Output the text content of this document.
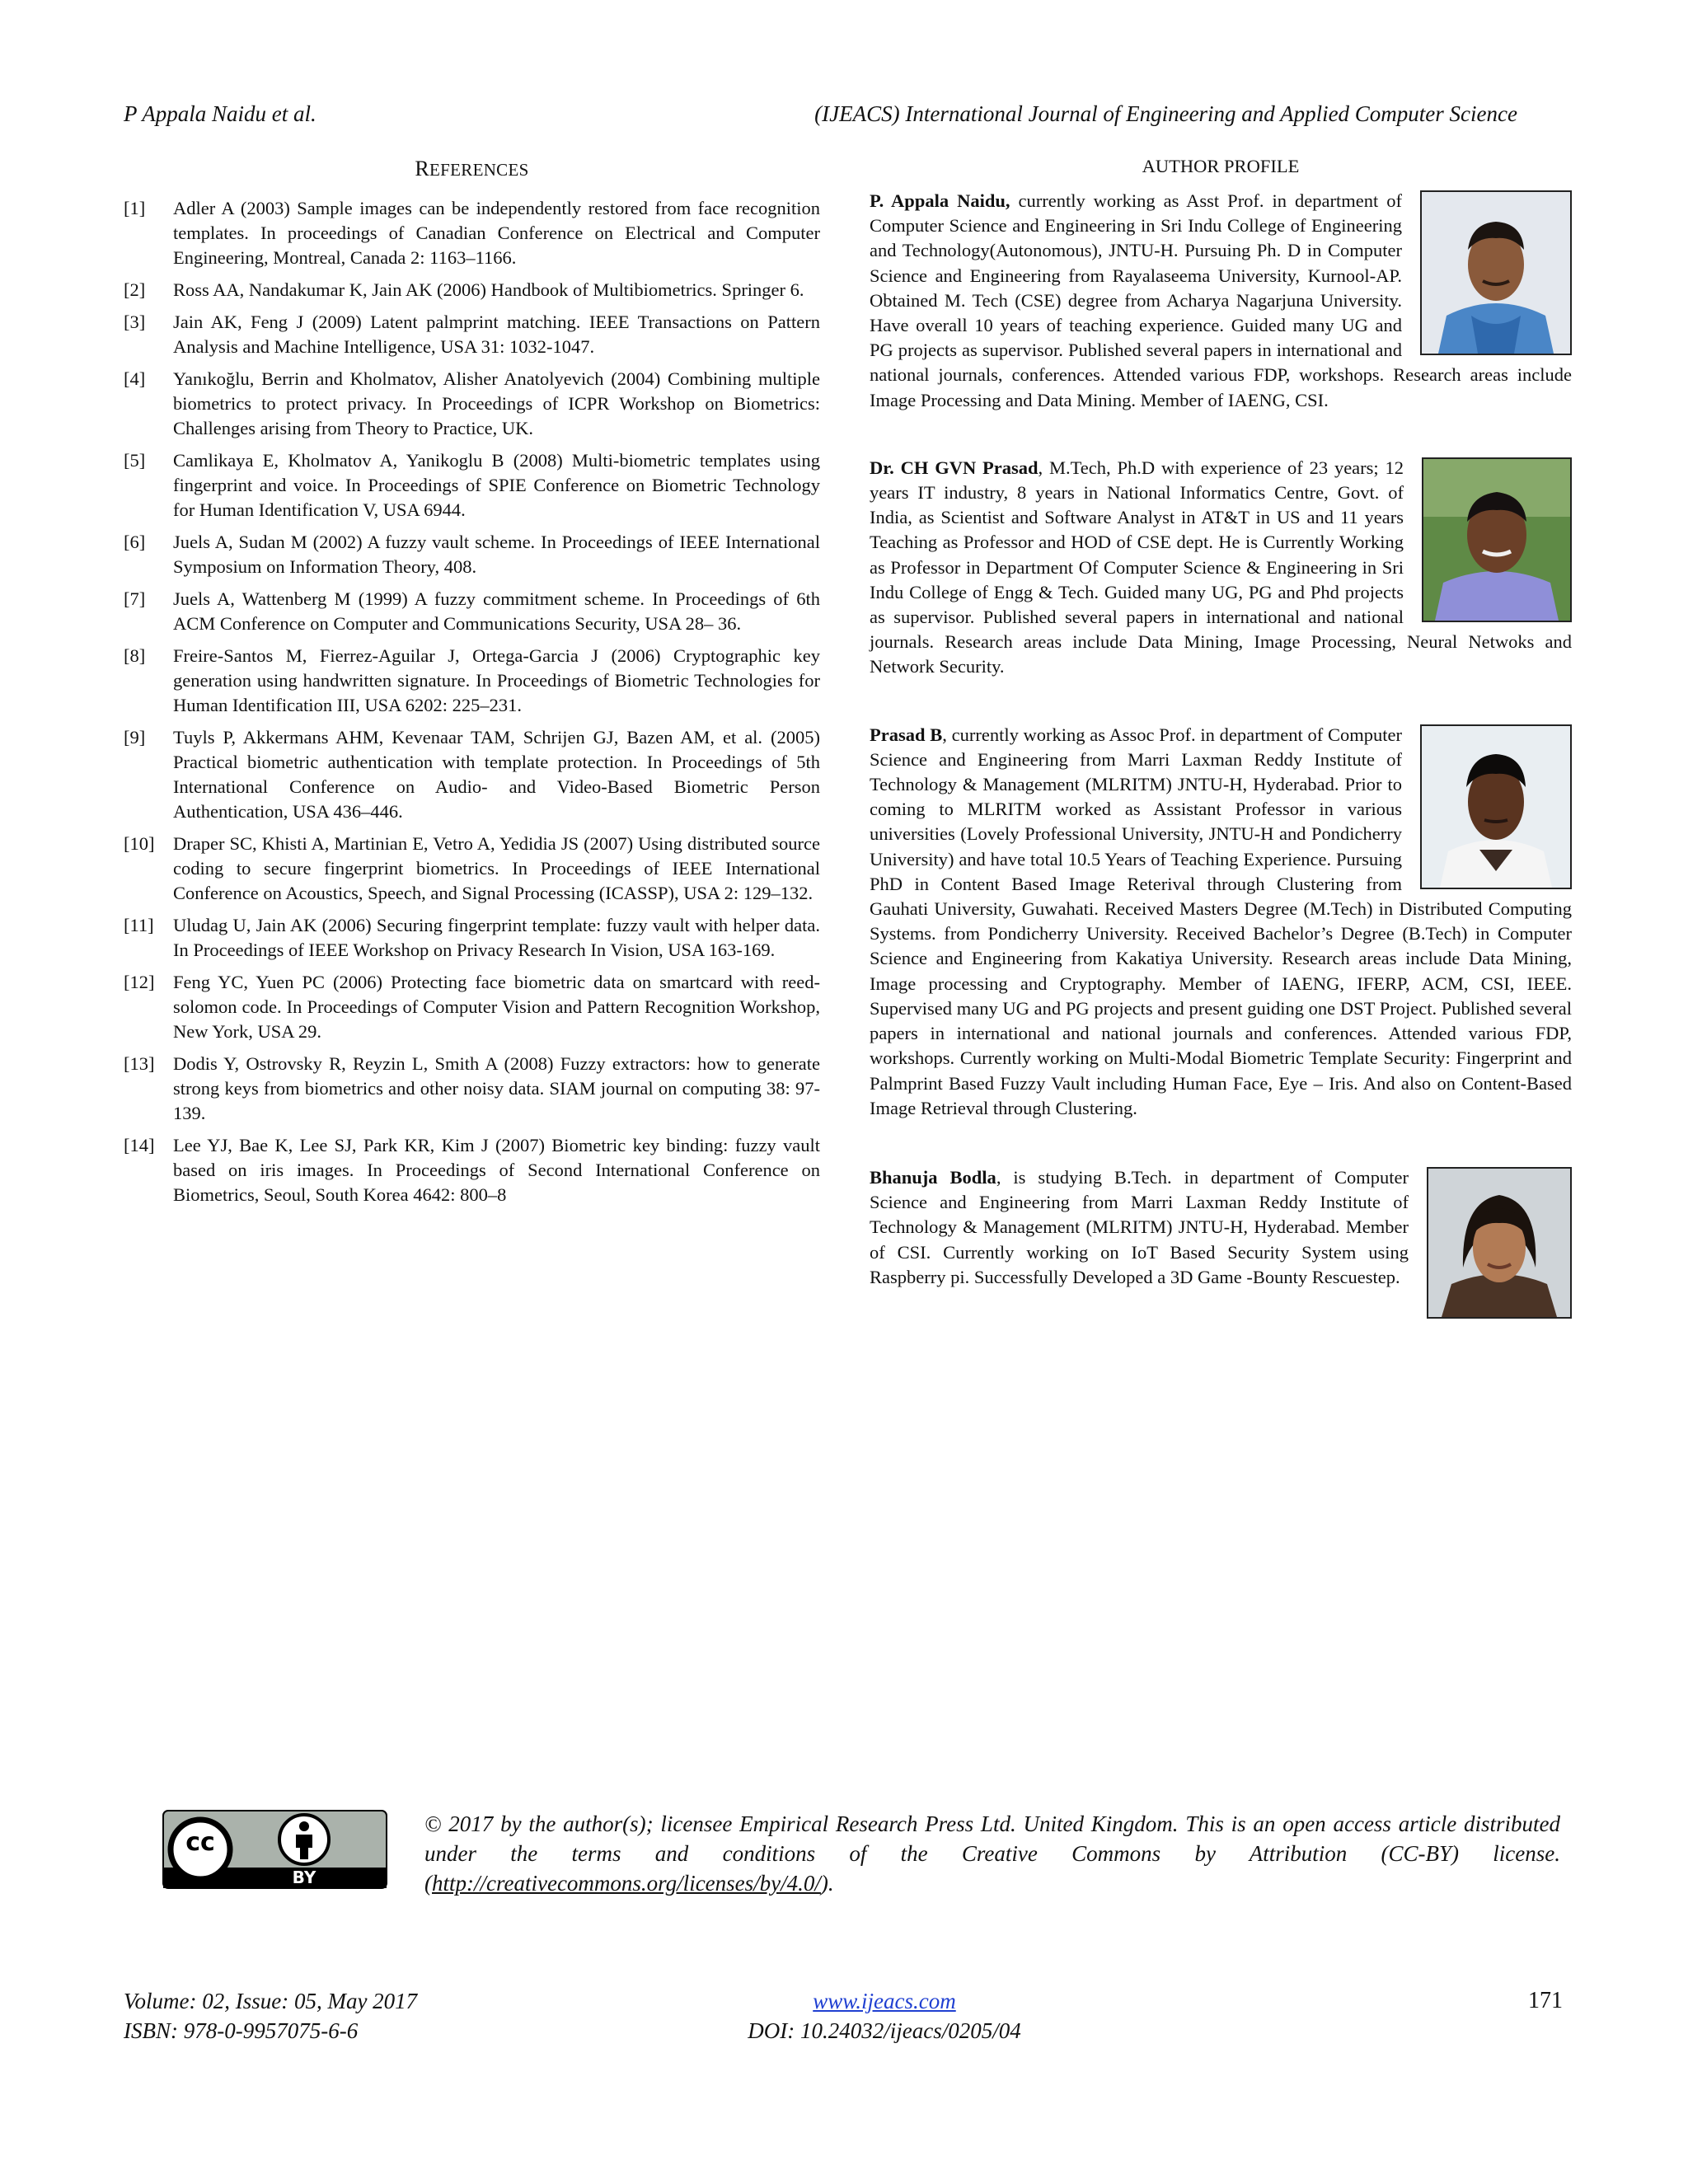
P Appala Naidu et al.	(IJEACS) International Journal of Engineering and Applied Computer Science
REFERENCES
[1] Adler A (2003) Sample images can be independently restored from face recognition templates. In proceedings of Canadian Conference on Electrical and Computer Engineering, Montreal, Canada 2: 1163–1166.
[2] Ross AA, Nandakumar K, Jain AK (2006) Handbook of Multibiometrics. Springer 6.
[3] Jain AK, Feng J (2009) Latent palmprint matching. IEEE Transactions on Pattern Analysis and Machine Intelligence, USA 31: 1032-1047.
[4] Yanıkoğlu, Berrin and Kholmatov, Alisher Anatolyevich (2004) Combining multiple biometrics to protect privacy. In Proceedings of ICPR Workshop on Biometrics: Challenges arising from Theory to Practice, UK.
[5] Camlikaya E, Kholmatov A, Yanikoglu B (2008) Multi-biometric templates using fingerprint and voice. In Proceedings of SPIE Conference on Biometric Technology for Human Identification V, USA 6944.
[6] Juels A, Sudan M (2002) A fuzzy vault scheme. In Proceedings of IEEE International Symposium on Information Theory, 408.
[7] Juels A, Wattenberg M (1999) A fuzzy commitment scheme. In Proceedings of 6th ACM Conference on Computer and Communications Security, USA 28– 36.
[8] Freire-Santos M, Fierrez-Aguilar J, Ortega-Garcia J (2006) Cryptographic key generation using handwritten signature. In Proceedings of Biometric Technologies for Human Identification III, USA 6202: 225–231.
[9] Tuyls P, Akkermans AHM, Kevenaar TAM, Schrijen GJ, Bazen AM, et al. (2005) Practical biometric authentication with template protection. In Proceedings of 5th International Conference on Audio- and Video-Based Biometric Person Authentication, USA 436–446.
[10] Draper SC, Khisti A, Martinian E, Vetro A, Yedidia JS (2007) Using distributed source coding to secure fingerprint biometrics. In Proceedings of IEEE International Conference on Acoustics, Speech, and Signal Processing (ICASSP), USA 2: 129–132.
[11] Uludag U, Jain AK (2006) Securing fingerprint template: fuzzy vault with helper data. In Proceedings of IEEE Workshop on Privacy Research In Vision, USA 163-169.
[12] Feng YC, Yuen PC (2006) Protecting face biometric data on smartcard with reed-solomon code. In Proceedings of Computer Vision and Pattern Recognition Workshop, New York, USA 29.
[13] Dodis Y, Ostrovsky R, Reyzin L, Smith A (2008) Fuzzy extractors: how to generate strong keys from biometrics and other noisy data. SIAM journal on computing 38: 97-139.
[14] Lee YJ, Bae K, Lee SJ, Park KR, Kim J (2007) Biometric key binding: fuzzy vault based on iris images. In Proceedings of Second International Conference on Biometrics, Seoul, South Korea 4642: 800–8
AUTHOR PROFILE
P. Appala Naidu, currently working as Asst Prof. in department of Computer Science and Engineering in Sri Indu College of Engineering and Technology(Autonomous), JNTU-H. Pursuing Ph. D in Computer Science and Engineering from Rayalaseema University, Kurnool-AP. Obtained M. Tech (CSE) degree from Acharya Nagarjuna University. Have overall 10 years of teaching experience. Guided many UG and PG projects as supervisor. Published several papers in international and national journals, conferences. Attended various FDP, workshops. Research areas include Image Processing and Data Mining. Member of IAENG, CSI.
Dr. CH GVN Prasad, M.Tech, Ph.D with experience of 23 years; 12 years IT industry, 8 years in National Informatics Centre, Govt. of India, as Scientist and Software Analyst in AT&T in US and 11 years Teaching as Professor and HOD of CSE dept. He is Currently Working as Professor in Department Of Computer Science & Engineering in Sri Indu College of Engg & Tech. Guided many UG, PG and Phd projects as supervisor. Published several papers in international and national journals. Research areas include Data Mining, Image Processing, Neural Netwoks and Network Security.
Prasad B, currently working as Assoc Prof. in department of Computer Science and Engineering from Marri Laxman Reddy Institute of Technology & Management (MLRITM) JNTU-H, Hyderabad. Prior to coming to MLRITM worked as Assistant Professor in various universities (Lovely Professional University, JNTU-H and Pondicherry University) and have total 10.5 Years of Teaching Experience. Pursuing PhD in Content Based Image Reterival through Clustering from Gauhati University, Guwahati. Received Masters Degree (M.Tech) in Distributed Computing Systems. from Pondicherry University. Received Bachelor’s Degree (B.Tech) in Computer Science and Engineering from Kakatiya University. Research areas include Data Mining, Image processing and Cryptography. Member of IAENG, IFERP, ACM, CSI, IEEE. Supervised many UG and PG projects and present guiding one DST Project. Published several papers in international and national journals and conferences. Attended various FDP, workshops. Currently working on Multi-Modal Biometric Template Security: Fingerprint and Palmprint Based Fuzzy Vault including Human Face, Eye – Iris. And also on Content-Based Image Retrieval through Clustering.
Bhanuja Bodla, is studying B.Tech. in department of Computer Science and Engineering from Marri Laxman Reddy Institute of Technology & Management (MLRITM) JNTU-H, Hyderabad. Member of CSI. Currently working on IoT Based Security System using Raspberry pi. Successfully Developed a 3D Game -Bounty Rescuestep.
cc
BY
© 2017 by the author(s); licensee Empirical Research Press Ltd. United Kingdom. This is an open access article distributed under the terms and conditions of the Creative Commons by Attribution (CC-BY) license. (http://creativecommons.org/licenses/by/4.0/).
Volume: 02, Issue: 05, May 2017
ISBN: 978-0-9957075-6-6
www.ijeacs.com
DOI: 10.24032/ijeacs/0205/04
171
